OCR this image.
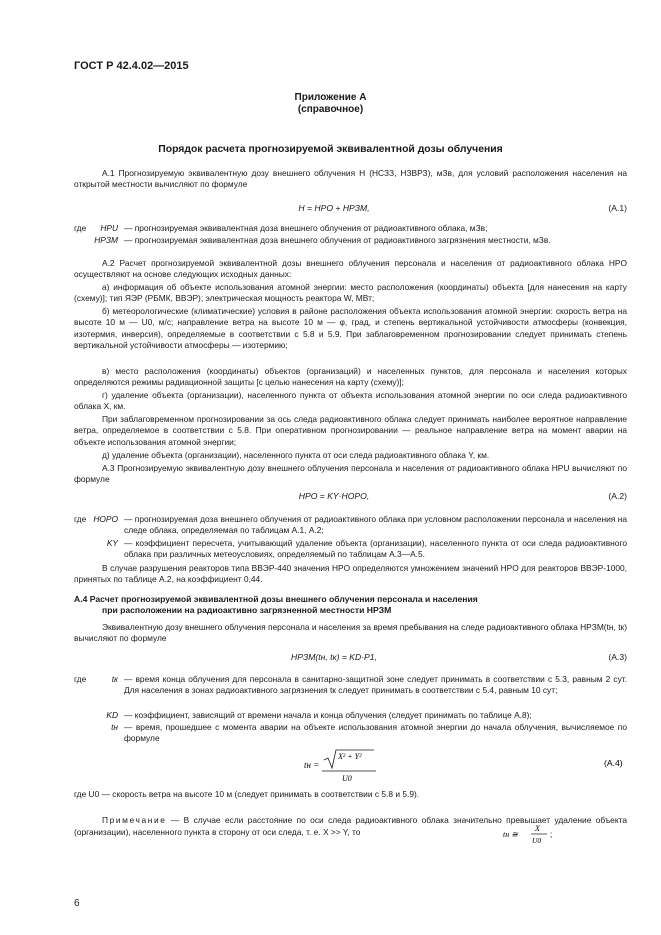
ГОСТ Р 42.4.02—2015
Приложение А
(справочное)
Порядок расчета прогнозируемой эквивалентной дозы облучения
А.1 Прогнозируемую эквивалентную дозу внешнего облучения H (HСЗЗ, HЗВРЗ), мЗв, для условий расположения населения на открытой местности вычисляют по формуле
H = HPO + HPЗМ,	(А.1)
где	HPU — прогнозируемая эквивалентная доза внешнего облучения от радиоактивного облака, мЗв;
HPЗМ — прогнозируемая эквивалентная доза внешнего облучения от радиоактивного загрязнения местности, мЗв.
А.2 Расчет прогнозируемой эквивалентной дозы внешнего облучения персонала и населения от радиоактивного облака HPO осуществляют на основе следующих исходных данных:
а) информация об объекте использования атомной энергии: место расположения (координаты) объекта [для нанесения на карту (схему)]; тип ЯЭР (РБМК, ВВЭР); электрическая мощность реактора W, МВт;
б) метеорологические (климатические) условия в районе расположения объекта использования атомной энергии: скорость ветра на высоте 10 м — U0, м/с; направление ветра на высоте 10 м — φ, град, и степень вертикальной устойчивости атмосферы (конвекция, изотермия, инверсия), определяемые в соответствии с 5.8 и 5.9. При заблаговременном прогнозировании следует принимать степень вертикальной устойчивости атмосферы — изотермию;
в) место расположения (координаты) объектов (организаций) и населенных пунктов, для персонала и населения которых определяются режимы радиационной защиты [с целью нанесения на карту (схему)];
г) удаление объекта (организации), населенного пункта от объекта использования атомной энергии по оси следа радиоактивного облака X, км.
При заблаговременном прогнозировании за ось следа радиоактивного облака следует принимать наиболее вероятное направление ветра, определяемое в соответствии с 5.8. При оперативном прогнозировании — реальное направление ветра на момент аварии на объекте использования атомной энергии;
д) удаление объекта (организации), населенного пункта от оси следа радиоактивного облака Y, км.
А.3 Прогнозируемую эквивалентную дозу внешнего облучения персонала и населения от радиоактивного облака HPU вычисляют по формуле
HPO = KY·HOPO,	(А.2)
где HOPO — прогнозируемая доза внешнего облучения от радиоактивного облака при условном расположении персонала и населения на следе облака, определяемая по таблицам А.1, А.2;
KY — коэффициент пересчета, учитывающий удаление объекта (организации), населенного пункта от оси следа радиоактивного облака при различных метеоусловиях, определяемый по таблицам А.3—А.5.
В случае разрушения реакторов типа ВВЭР-440 значения HPO определяются умножением значений HPO для реакторов ВВЭР-1000, принятых по таблице А.2, на коэффициент 0,44.
А.4 Расчет прогнозируемой эквивалентной дозы внешнего облучения персонала и населения
при расположении на радиоактивно загрязненной местности HPЗМ
Эквивалентную дозу внешнего облучения персонала и населения за время пребывания на следе радиоактивного облака HPЗМ(tн, tк) вычисляют по формуле
HPЗМ(tн, tк) = KD·P1,	(А.3)
где	tк — время конца облучения для персонала в санитарно-защитной зоне следует принимать в соответствии с 5.3, равным 2 сут. Для населения в зонах радиоактивного загрязнения tк следует принимать в соответствии с 5.4, равным 10 сут;
KD — коэффициент, зависящий от времени начала и конца облучения (следует принимать по таблице А.8);
tн — время, прошедшее с момента аварии на объекте использования атомной энергии до начала облучения, вычисляемое по формуле
tн =
X² + Y²
U0
(А.4)
где U0 — скорость ветра на высоте 10 м (следует принимать в соответствии с 5.8 и 5.9).
Примечание — В случае если расстояние по оси следа радиоактивного облака значительно превышает удаление объекта (организации), населенного пункта в сторону от оси следа, т. е. X >> Y, то	tн ≅
X
U0
;
6
